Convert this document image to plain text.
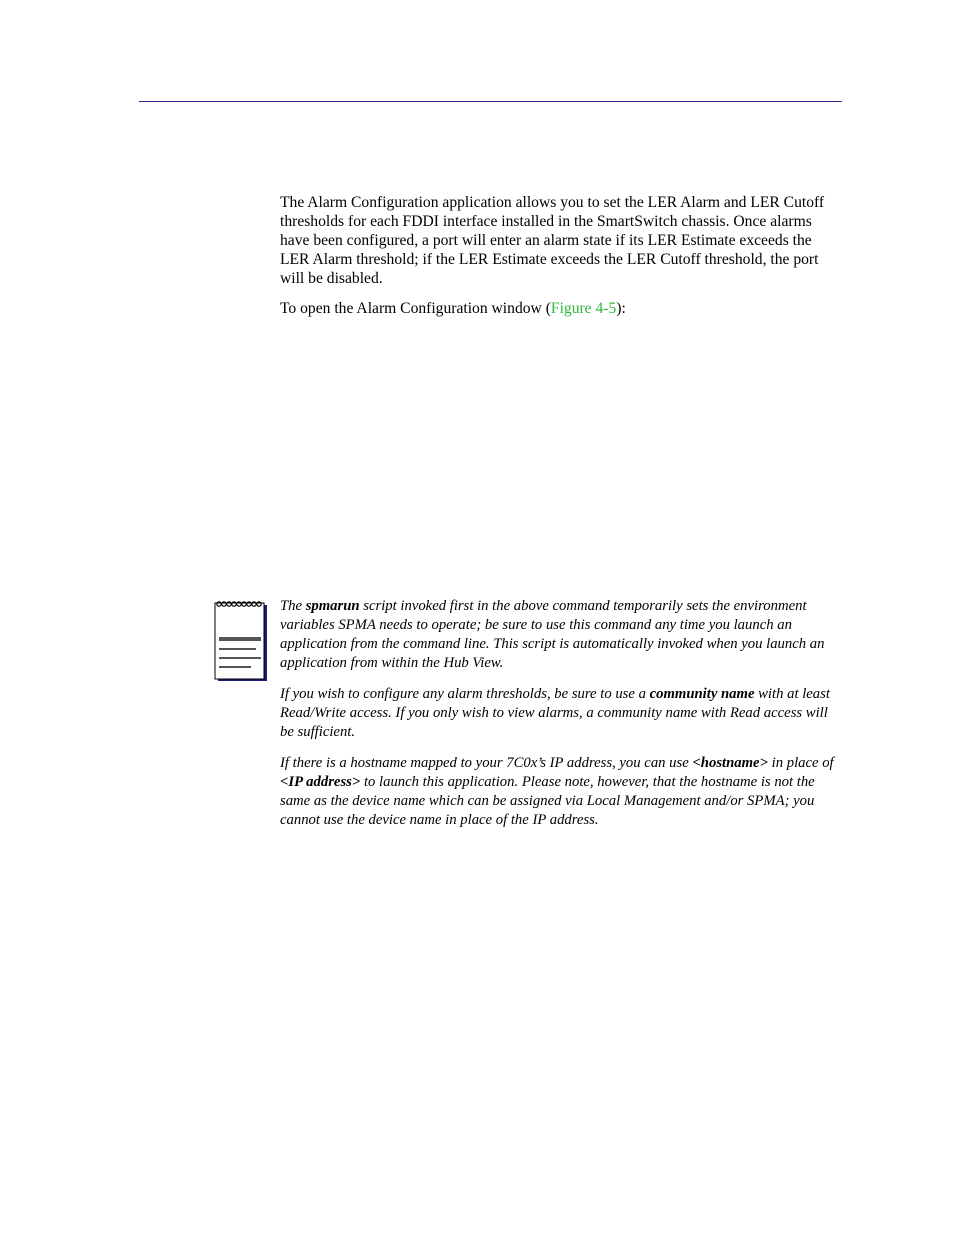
The Alarm Configuration application allows you to set the LER Alarm and LER Cutoff thresholds for each FDDI interface installed in the SmartSwitch chassis. Once alarms have been configured, a port will enter an alarm state if its LER Estimate exceeds the LER Alarm threshold; if the LER Estimate exceeds the LER Cutoff threshold, the port will be disabled.

To open the Alarm Configuration window (Figure 4-5):

The spmarun script invoked first in the above command temporarily sets the environment variables SPMA needs to operate; be sure to use this command any time you launch an application from the command line. This script is automatically invoked when you launch an application from within the Hub View.

If you wish to configure any alarm thresholds, be sure to use a community name with at least Read/Write access. If you only wish to view alarms, a community name with Read access will be sufficient.

If there is a hostname mapped to your 7C0x’s IP address, you can use <hostname> in place of <IP address> to launch this application. Please note, however, that the hostname is not the same as the device name which can be assigned via Local Management and/or SPMA; you cannot use the device name in place of the IP address.
